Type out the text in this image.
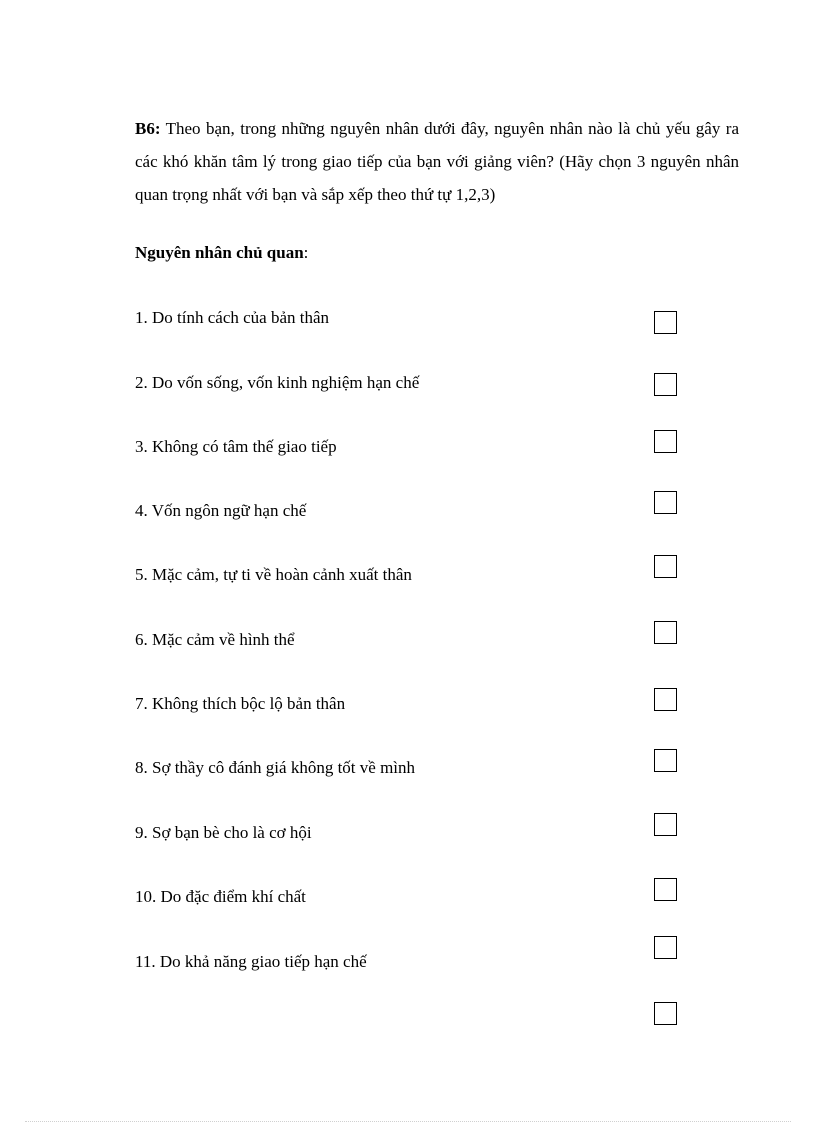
B6: Theo bạn, trong những nguyên nhân dưới đây, nguyên nhân nào là chủ yếu gây ra các khó khăn tâm lý trong giao tiếp của bạn với giảng viên? (Hãy chọn 3 nguyên nhân quan trọng nhất với bạn và sắp xếp theo thứ tự 1,2,3)
Nguyên nhân chủ quan:
1. Do tính cách của bản thân
2. Do vốn sống, vốn kinh nghiệm hạn chế
3. Không có tâm thế giao tiếp
4. Vốn ngôn ngữ hạn chế
5. Mặc cảm, tự ti về hoàn cảnh xuất thân
6. Mặc cảm về hình thể
7. Không thích bộc lộ bản thân
8. Sợ thầy cô đánh giá không tốt về mình
9. Sợ bạn bè cho là cơ hội
10. Do đặc điểm khí chất
11. Do khả năng giao tiếp hạn chế
